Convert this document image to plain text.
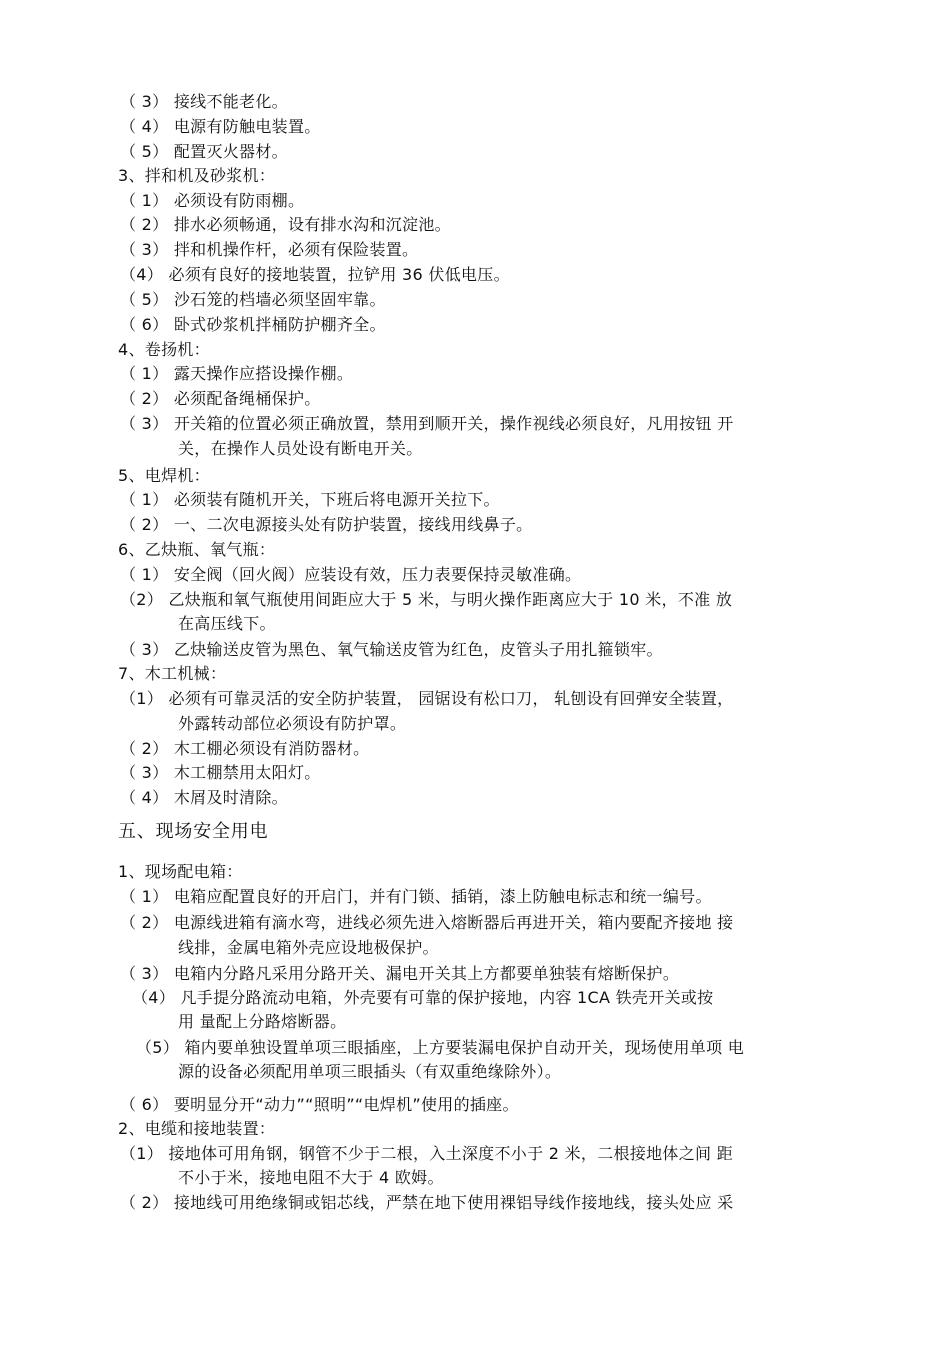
（ 3） 接线不能老化。
（ 4） 电源有防触电装置。
（ 5） 配置灭火器材。
3、拌和机及砂浆机：
（ 1） 必须设有防雨棚。
（ 2） 排水必须畅通，设有排水沟和沉淀池。
（ 3） 拌和机操作杆，必须有保险装置。
（4） 必须有良好的接地装置，拉铲用 36 伏低电压。
（ 5） 沙石笼的档墙必须坚固牢靠。
（ 6） 卧式砂浆机拌桶防护棚齐全。
4、卷扬机：
（ 1） 露天操作应搭设操作棚。
（ 2） 必须配备绳桶保护。
（ 3） 开关箱的位置必须正确放置，禁用到顺开关，操作视线必须良好，凡用按钮 开
关，在操作人员处设有断电开关。
5、电焊机：
（ 1） 必须装有随机开关，下班后将电源开关拉下。
（ 2） 一、二次电源接头处有防护装置，接线用线鼻子。
6、乙炔瓶、氧气瓶：
（ 1） 安全阀（回火阀）应装设有效，压力表要保持灵敏准确。
（2） 乙炔瓶和氧气瓶使用间距应大于 5 米，与明火操作距离应大于 10 米，不准 放
在高压线下。
（ 3） 乙炔输送皮管为黑色、氧气输送皮管为红色，皮管头子用扎箍锁牢。
7、木工机械：
（1） 必须有可靠灵活的安全防护装置， 园锯设有松口刀， 轧刨设有回弹安全装置，
外露转动部位必须设有防护罩。
（ 2） 木工棚必须设有消防器材。
（ 3） 木工棚禁用太阳灯。
（ 4） 木屑及时清除。
五、现场安全用电
1、现场配电箱：
（ 1） 电箱应配置良好的开启门，并有门锁、插销，漆上防触电标志和统一编号。
（ 2） 电源线进箱有滴水弯，进线必须先进入熔断器后再进开关，箱内要配齐接地 接
线排，金属电箱外壳应设地极保护。
（ 3） 电箱内分路凡采用分路开关、漏电开关其上方都要单独装有熔断保护。
（4） 凡手提分路流动电箱，外壳要有可靠的保护接地，内容 1CA 铁壳开关或按
用 量配上分路熔断器。
（5） 箱内要单独设置单项三眼插座，上方要装漏电保护自动开关，现场使用单项 电
源的设备必须配用单项三眼插头（有双重绝缘除外）。
（ 6） 要明显分开“动力”“照明”“电焊机”使用的插座。
2、电缆和接地装置：
（1） 接地体可用角钢，钢管不少于二根，入土深度不小于 2 米，二根接地体之间 距
不小于米，接地电阻不大于 4 欧姆。
（ 2） 接地线可用绝缘铜或铝芯线，严禁在地下使用裸铝导线作接地线，接头处应 采
